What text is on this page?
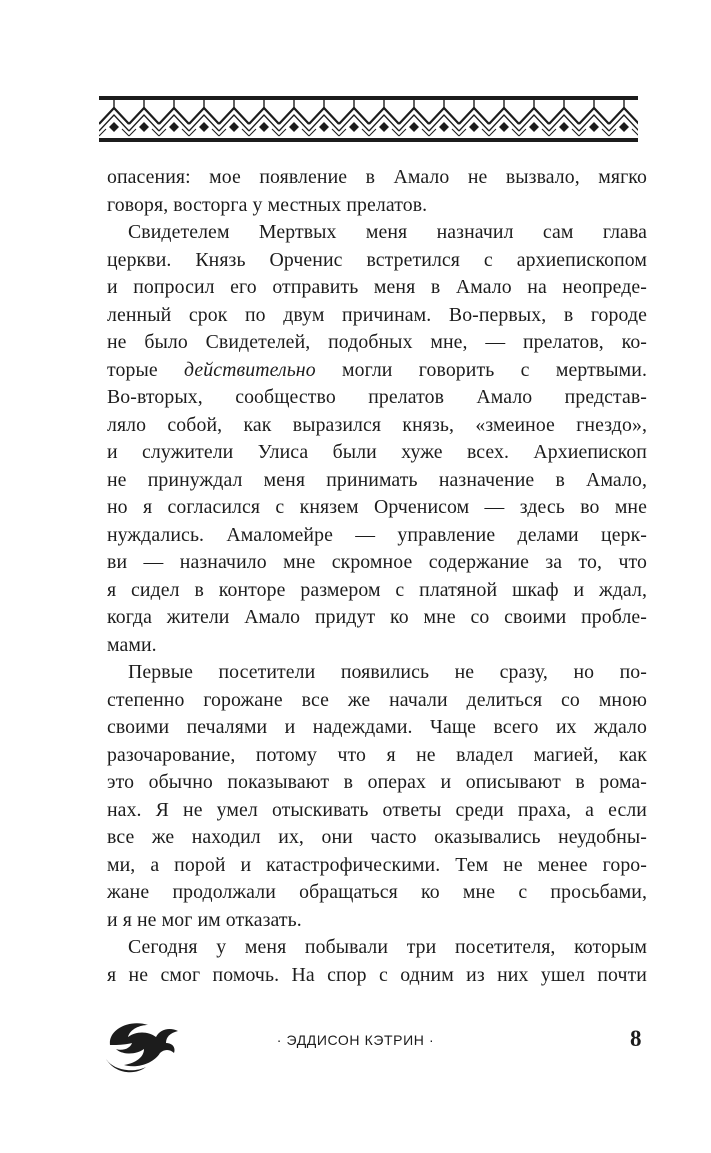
опасения: мое появление в Амало не вызвало, мягко
говоря, восторга у местных прелатов.
Свидетелем Мертвых меня назначил сам глава
церкви. Князь Орченис встретился с архиепископом
и попросил его отправить меня в Амало на неопреде-
ленный срок по двум причинам. Во-первых, в городе
не было Свидетелей, подобных мне, — прелатов, ко-
торые действительно могли говорить с мертвыми.
Во-вторых, сообщество прелатов Амало представ-
ляло собой, как выразился князь, «змеиное гнездо»,
и служители Улиса были хуже всех. Архиепископ
не принуждал меня принимать назначение в Амало,
но я согласился с князем Орченисом — здесь во мне
нуждались. Амаломейре — управление делами церк-
ви — назначило мне скромное содержание за то, что
я сидел в конторе размером с платяной шкаф и ждал,
когда жители Амало придут ко мне со своими пробле-
мами.
Первые посетители появились не сразу, но по-
степенно горожане все же начали делиться со мною
своими печалями и надеждами. Чаще всего их ждало
разочарование, потому что я не владел магией, как
это обычно показывают в операх и описывают в рома-
нах. Я не умел отыскивать ответы среди праха, а если
все же находил их, они часто оказывались неудобны-
ми, а порой и катастрофическими. Тем не менее горо-
жане продолжали обращаться ко мне с просьбами,
и я не мог им отказать.
Сегодня у меня побывали три посетителя, которым
я не смог помочь. На спор с одним из них ушел почти
· ЭДДИСОН КЭТРИН ·	8
